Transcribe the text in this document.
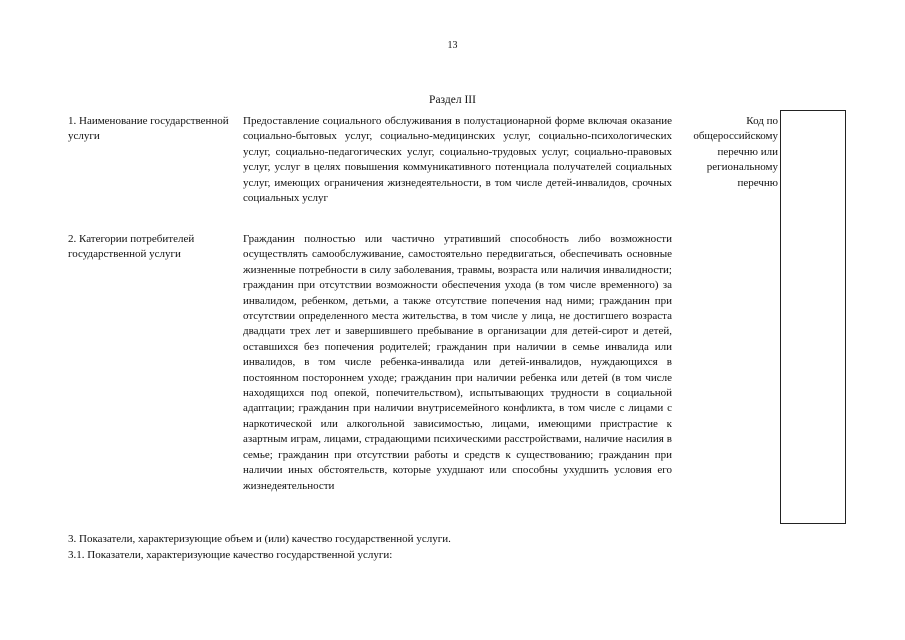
13
Раздел III
1. Наименование государственной услуги
Предоставление социального обслуживания в полустационарной форме включая оказание социально-бытовых услуг, социально-медицинских услуг, социально-психологических услуг, социально-педагогических услуг, социально-трудовых услуг, социально-правовых услуг, услуг в целях повышения коммуникативного потенциала получателей социальных услуг, имеющих ограничения жизнедеятельности, в том числе детей-инвалидов, срочных социальных услуг
Код по общероссийскому перечню или региональному перечню
2. Категории потребителей государственной услуги
Гражданин полностью или частично утративший способность либо возможности осуществлять самообслуживание, самостоятельно передвигаться, обеспечивать основные жизненные потребности в силу заболевания, травмы, возраста или наличия инвалидности; гражданин при отсутствии возможности обеспечения ухода (в том числе временного) за инвалидом, ребенком, детьми, а также отсутствие попечения над ними; гражданин при отсутствии определенного места жительства, в том числе у лица, не достигшего возраста двадцати трех лет и завершившего пребывание в организации для детей-сирот и детей, оставшихся без попечения родителей; гражданин при наличии в семье инвалида или инвалидов, в том числе ребенка-инвалида или детей-инвалидов, нуждающихся в постоянном постороннем уходе; гражданин при наличии ребенка или детей (в том числе находящихся под опекой, попечительством), испытывающих трудности в социальной адаптации; гражданин при наличии внутрисемейного конфликта, в том числе с лицами с наркотической или алкогольной зависимостью, лицами, имеющими пристрастие к азартным играм, лицами, страдающими психическими расстройствами, наличие насилия в семье; гражданин при отсутствии работы и средств к существованию; гражданин при наличии иных обстоятельств, которые ухудшают или способны ухудшить условия его жизнедеятельности
3. Показатели, характеризующие объем и (или) качество государственной услуги.
3.1. Показатели, характеризующие качество государственной услуги:
